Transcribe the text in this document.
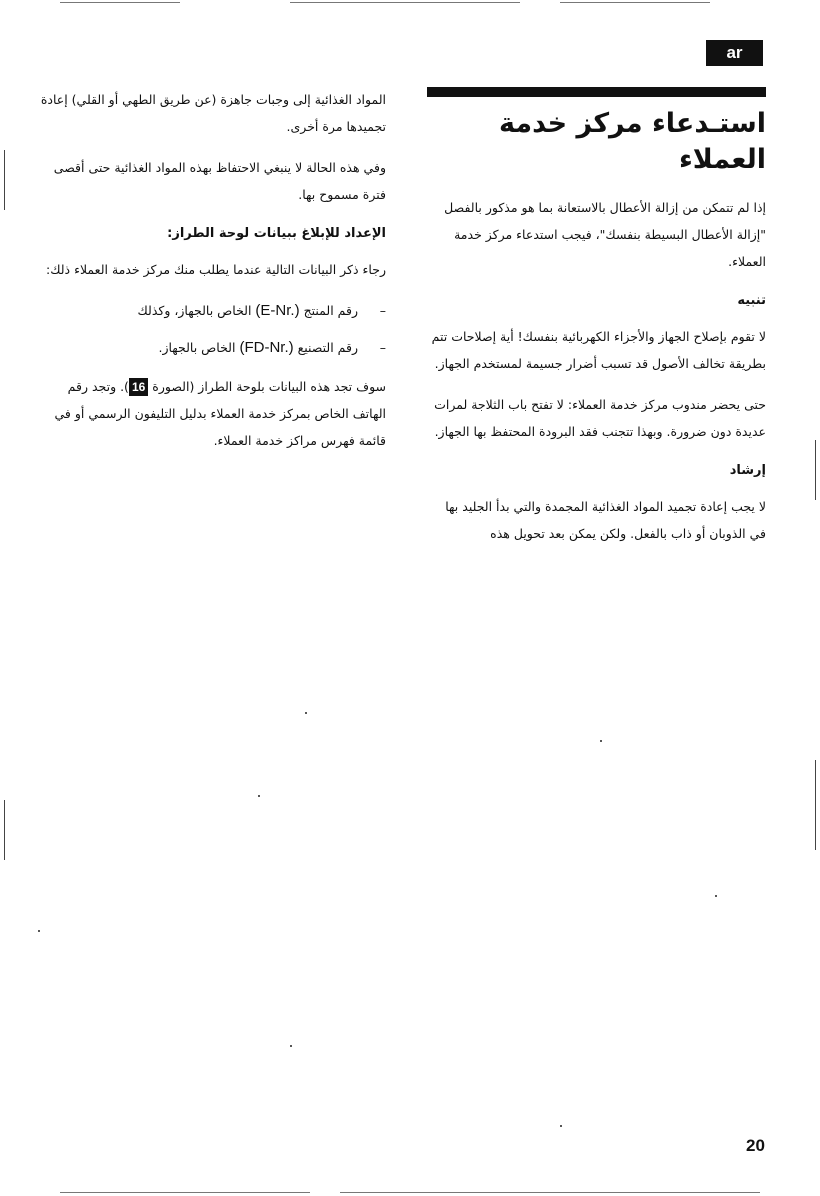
ar
استـدعاء مركز خدمة العملاء

إذا لم تتمكن من إزالة الأعطال بالاستعانة بما هو مذكور بالفصل "إزالة الأعطال البسيطة بنفسك"، فيجب استدعاء مركز خدمة العملاء.

تنبيه

لا تقوم بإصلاح الجهاز والأجزاء الكهربائية بنفسك! أية إصلاحات تتم بطريقة تخالف الأصول قد تسبب أضرار جسيمة لمستخدم الجهاز.

حتى يحضر مندوب مركز خدمة العملاء: لا تفتح باب الثلاجة لمرات عديدة دون ضرورة. وبهذا تتجنب فقد البرودة المحتفظ بها الجهاز.

إرشاد

لا يجب إعادة تجميد المواد الغذائية المجمدة والتي بدأ الجليد بها في الذوبان أو ذاب بالفعل. ولكن يمكن بعد تحويل هذه

المواد الغذائية إلى وجبات جاهزة (عن طريق الطهي أو القلي) إعادة تجميدها مرة أخرى.

وفي هذه الحالة لا ينبغي الاحتفاظ بهذه المواد الغذائية حتى أقصى فترة مسموح بها.

الإعداد للإبلاغ ببيانات لوحة الطراز:

رجاء ذكر البيانات التالية عندما يطلب منك مركز خدمة العملاء ذلك:

–
رقم المنتج (E-Nr.) الخاص بالجهاز، وكذلك
–
رقم التصنيع (FD-Nr.) الخاص بالجهاز.

سوف تجد هذه البيانات بلوحة الطراز (الصورة 16). وتجد رقم الهاتف الخاص بمركز خدمة العملاء بدليل التليفون الرسمي أو في قائمة فهرس مراكز خدمة العملاء.

20
